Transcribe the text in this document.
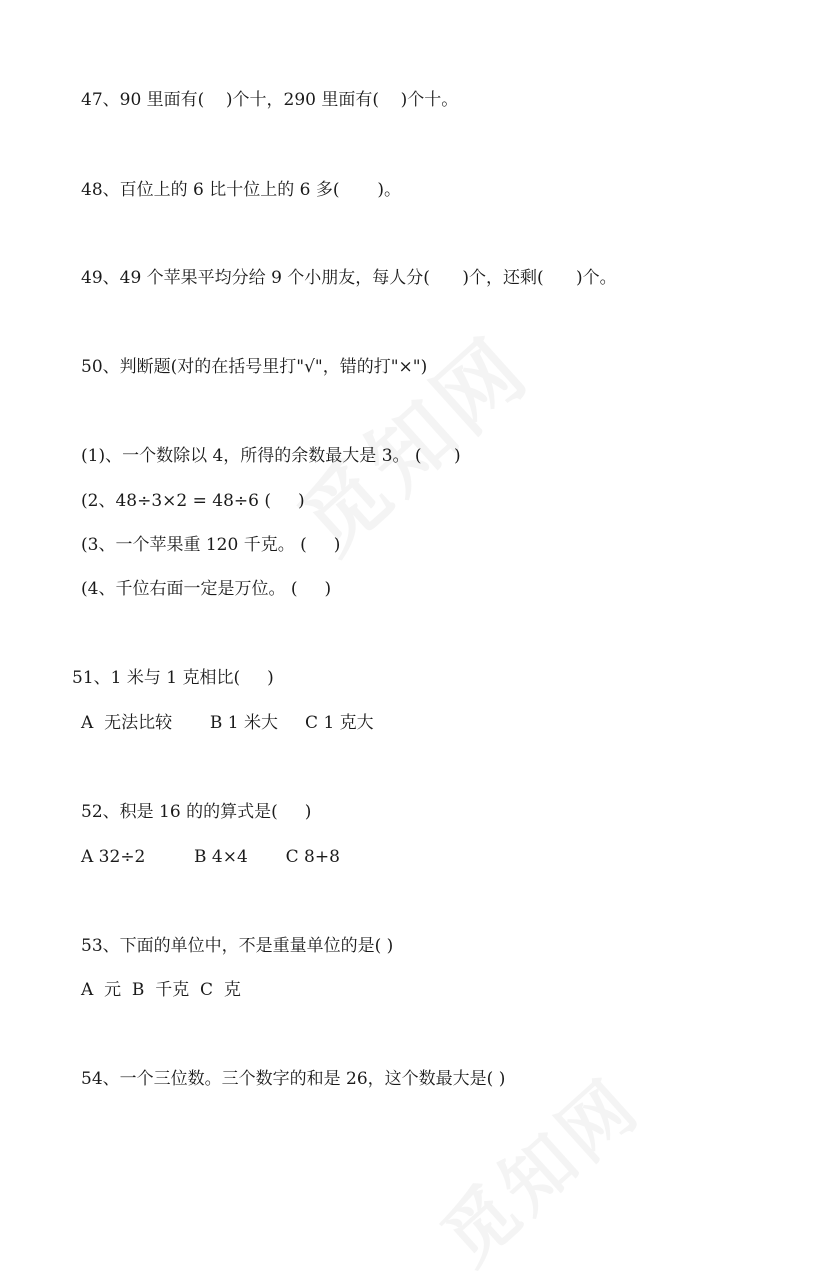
47、90 里面有(    )个十，290 里面有(    )个十。
48、百位上的 6 比十位上的 6 多(       )。
49、49 个苹果平均分给 9 个小朋友，每人分(      )个，还剩(      )个。
50、判断题(对的在括号里打"√"，错的打"×")
(1)、一个数除以 4，所得的余数最大是 3。 (      )
(2、48÷3×2 = 48÷6 (     )
(3、一个苹果重 120 千克。 (     )
(4、千位右面一定是万位。 (     )
51、1 米与 1 克相比(     )
A  无法比较       B 1 米大     C 1 克大
52、积是 16 的的算式是(     )
A 32÷2         B 4×4       C 8+8
53、下面的单位中，不是重量单位的是( )
A  元  B  千克  C  克
54、一个三位数。三个数字的和是 26，这个数最大是( )
